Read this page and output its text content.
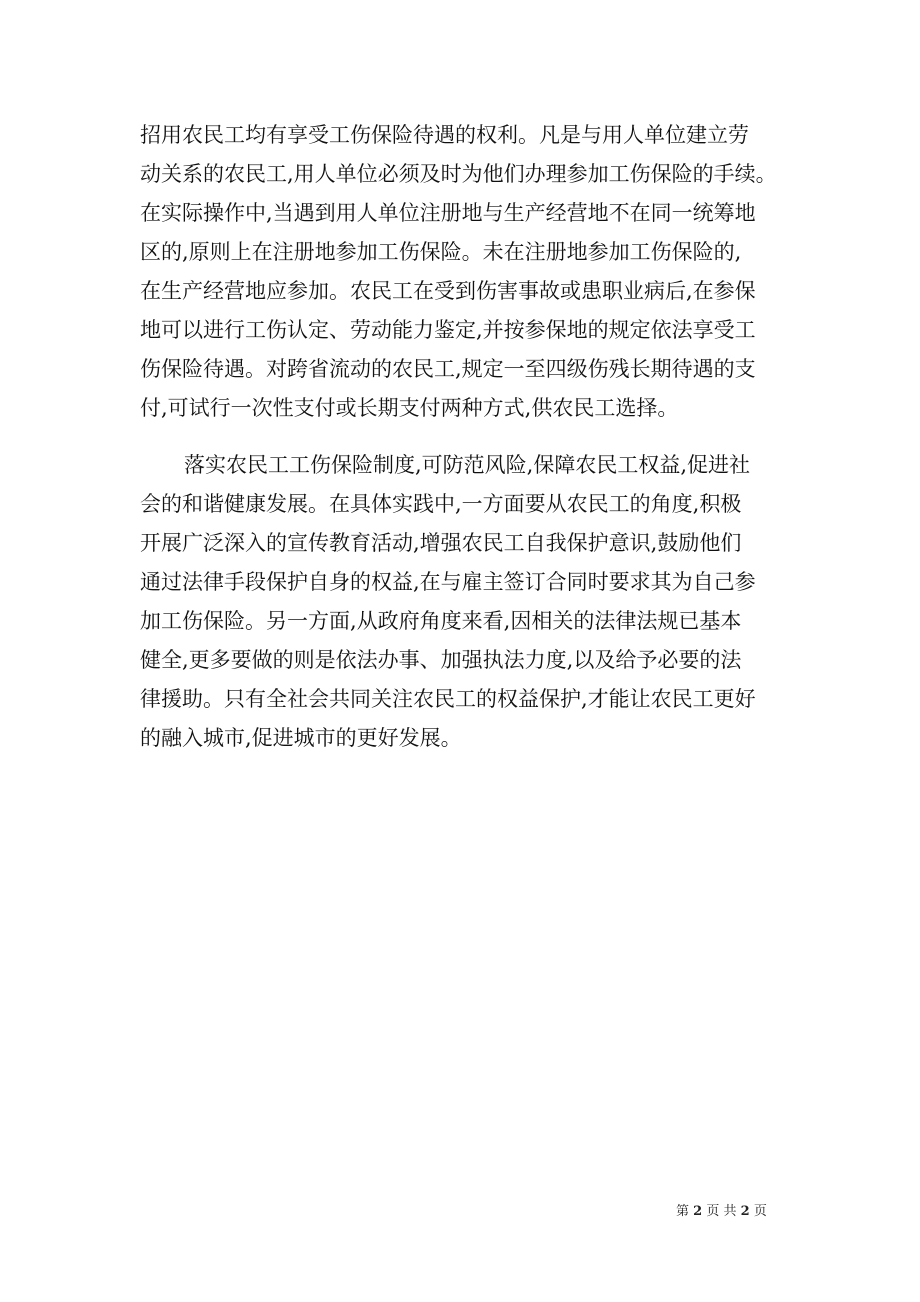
招用农民工均有享受工伤保险待遇的权利。凡是与用人单位建立劳
动关系的农民工,用人单位必须及时为他们办理参加工伤保险的手续。
在实际操作中,当遇到用人单位注册地与生产经营地不在同一统筹地
区的,原则上在注册地参加工伤保险。未在注册地参加工伤保险的,
在生产经营地应参加。农民工在受到伤害事故或患职业病后,在参保
地可以进行工伤认定、劳动能力鉴定,并按参保地的规定依法享受工
伤保险待遇。对跨省流动的农民工,规定一至四级伤残长期待遇的支
付,可试行一次性支付或长期支付两种方式,供农民工选择。

落实农民工工伤保险制度,可防范风险,保障农民工权益,促进社
会的和谐健康发展。在具体实践中,一方面要从农民工的角度,积极
开展广泛深入的宣传教育活动,增强农民工自我保护意识,鼓励他们
通过法律手段保护自身的权益,在与雇主签订合同时要求其为自己参
加工伤保险。另一方面,从政府角度来看,因相关的法律法规已基本
健全,更多要做的则是依法办事、加强执法力度,以及给予必要的法
律援助。只有全社会共同关注农民工的权益保护,才能让农民工更好
的融入城市,促进城市的更好发展。

第 2 页 共 2 页
